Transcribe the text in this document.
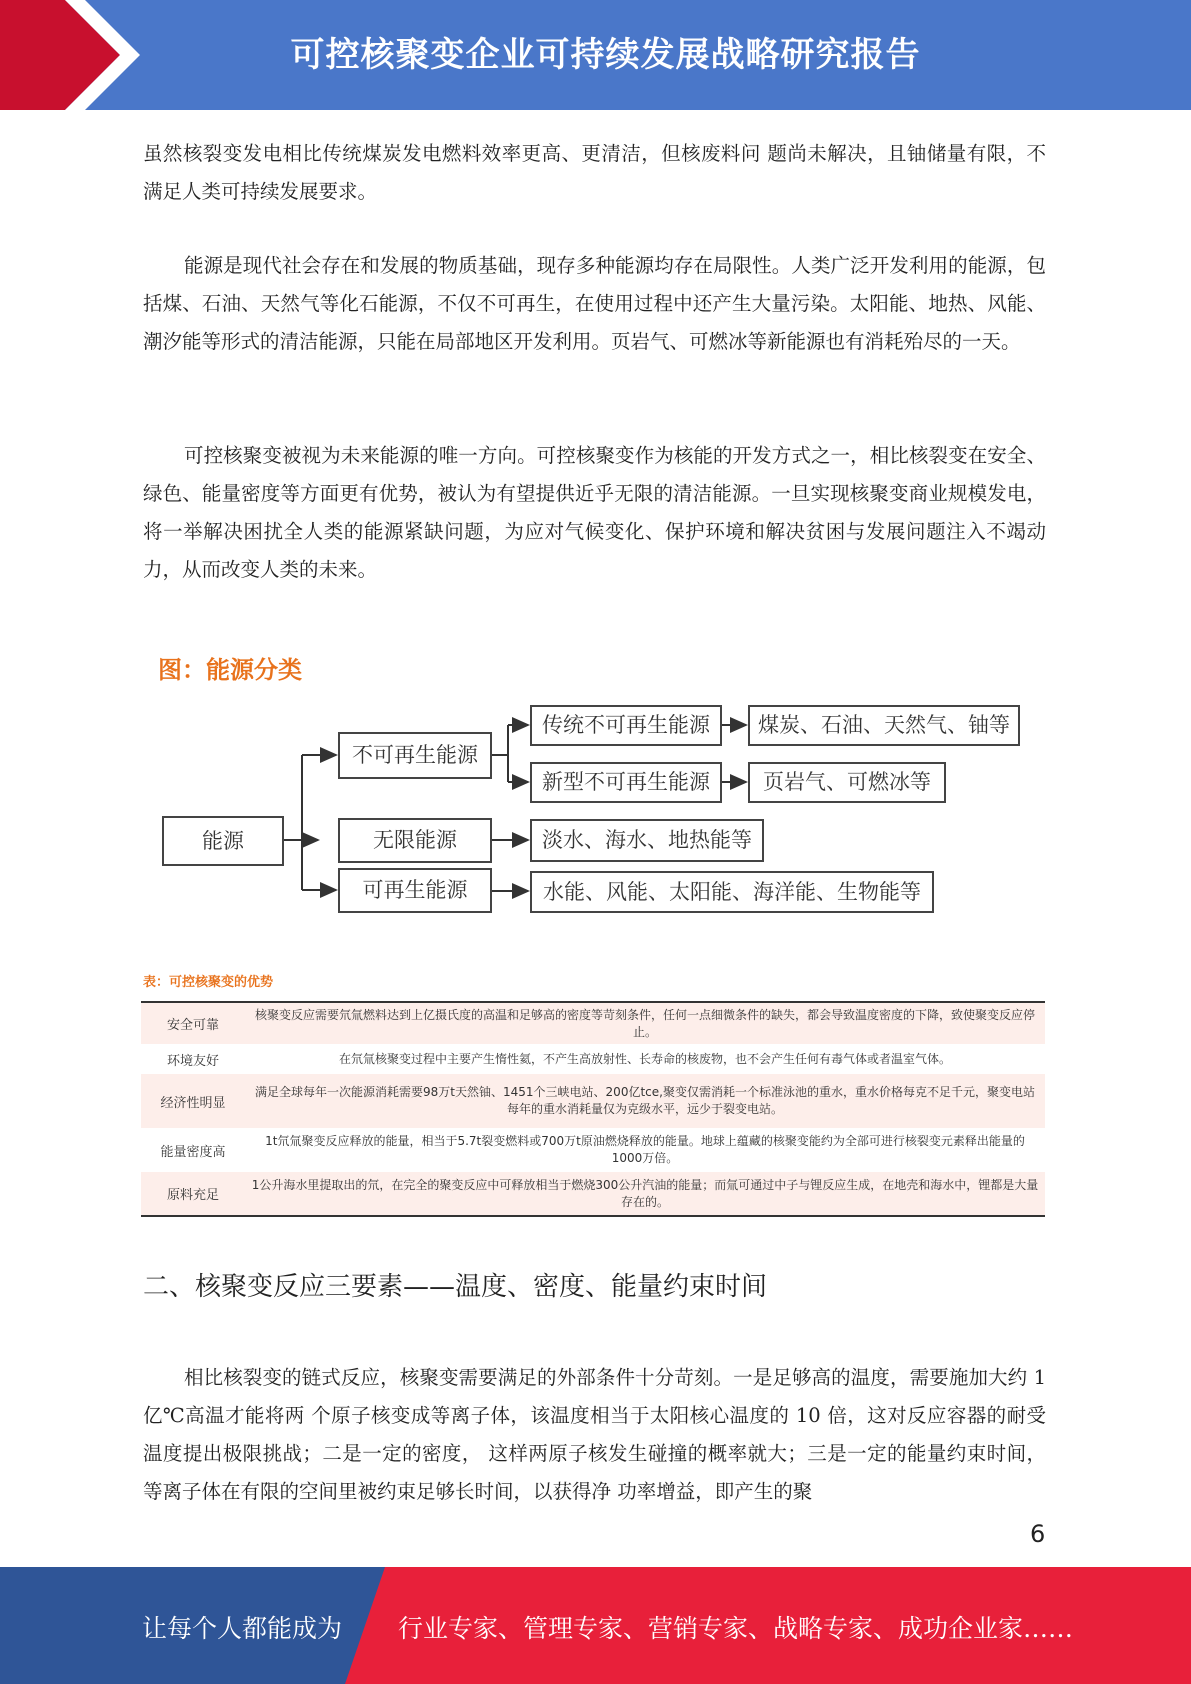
可控核聚变企业可持续发展战略研究报告

虽然核裂变发电相比传统煤炭发电燃料效率更高、更清洁，但核废料问 题尚未解决，且铀储量有限，不满足人类可持续发展要求。

能源是现代社会存在和发展的物质基础，现存多种能源均存在局限性。人类广泛开发利用的能源，包括煤、石油、天然气等化石能源，不仅不可再生，在使用过程中还产生大量污染。太阳能、地热、风能、潮汐能等形式的清洁能源，只能在局部地区开发利用。页岩气、可燃冰等新能源也有消耗殆尽的一天。

可控核聚变被视为未来能源的唯一方向。可控核聚变作为核能的开发方式之一，相比核裂变在安全、绿色、能量密度等方面更有优势，被认为有望提供近乎无限的清洁能源。一旦实现核聚变商业规模发电，将一举解决困扰全人类的能源紧缺问题，为应对气候变化、保护环境和解决贫困与发展问题注入不竭动力，从而改变人类的未来。

图：能源分类
能源
不可再生能源
无限能源
可再生能源
传统不可再生能源
新型不可再生能源
淡水、海水、地热能等
水能、风能、太阳能、海洋能、生物能等
煤炭、石油、天然气、铀等
页岩气、可燃冰等
表：可控核聚变的优势
安全可靠
核聚变反应需要氘氚燃料达到上亿摄氏度的高温和足够高的密度等苛刻条件，任何一点细微条件的缺失，都会导致温度密度的下降，致使聚变反应停止。
环境友好	在氘氚核聚变过程中主要产生惰性氦，不产生高放射性、长寿命的核废物，也不会产生任何有毒气体或者温室气体。
经济性明显
满足全球每年一次能源消耗需要98万t天然铀、1451个三峡电站、200亿tce,聚变仅需消耗一个标准泳池的重水，重水价格每克不足千元，聚变电站每年的重水消耗量仅为克级水平，远少于裂变电站。
能量密度高
1t氘氚聚变反应释放的能量，相当于5.7t裂变燃料或700万t原油燃烧释放的能量。地球上蕴藏的核聚变能约为全部可进行核裂变元素释出能量的1000万倍。
原料充足
1公升海水里提取出的氘，在完全的聚变反应中可释放相当于燃烧300公升汽油的能量；而氚可通过中子与锂反应生成，在地壳和海水中，锂都是大量存在的。
二、核聚变反应三要素——温度、密度、能量约束时间

相比核裂变的链式反应，核聚变需要满足的外部条件十分苛刻。一是足够高的温度，需要施加大约 1 亿℃高温才能将两 个原子核变成等离子体，该温度相当于太阳核心温度的 10 倍，这对反应容器的耐受温度提出极限挑战；二是一定的密度， 这样两原子核发生碰撞的概率就大；三是一定的能量约束时间，等离子体在有限的空间里被约束足够长时间，以获得净 功率增益，即产生的聚

6
让每个人都能成为 行业专家、管理专家、营销专家、战略专家、成功企业家……
